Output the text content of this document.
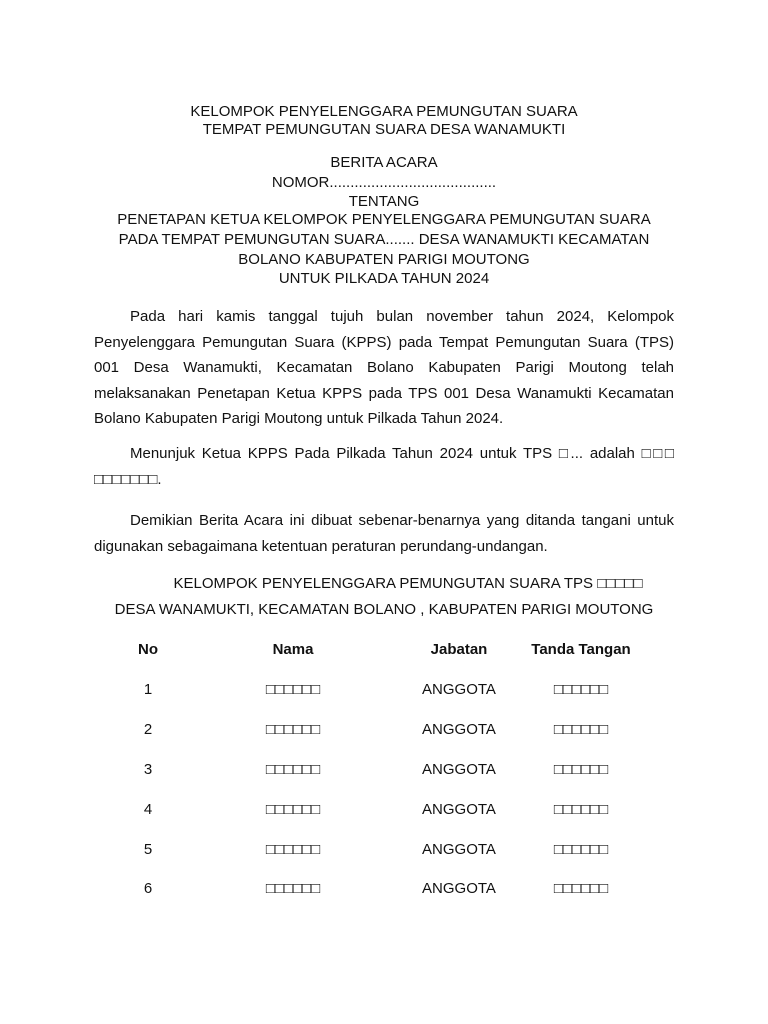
KELOMPOK PENYELENGGARA PEMUNGUTAN SUARA

TEMPAT PEMUNGUTAN SUARA DESA WANAMUKTI

BERITA ACARA

NOMOR........................................

TENTANG

PENETAPAN KETUA KELOMPOK PENYELENGGARA PEMUNGUTAN SUARA

PADA TEMPAT PEMUNGUTAN SUARA....... DESA WANAMUKTI KECAMATAN

BOLANO KABUPATEN PARIGI MOUTONG

UNTUK PILKADA TAHUN 2024

Pada hari kamis tanggal tujuh bulan november tahun 2024, Kelompok Penyelenggara Pemungutan Suara (KPPS) pada Tempat Pemungutan Suara (TPS) 001 Desa Wanamukti, Kecamatan Bolano Kabupaten Parigi Moutong telah melaksanakan Penetapan Ketua KPPS pada TPS 001 Desa Wanamukti Kecamatan Bolano Kabupaten Parigi Moutong untuk Pilkada Tahun 2024.

Menunjuk Ketua KPPS Pada Pilkada Tahun 2024 untuk TPS □... adalah □□□ □□□□□□□.

Demikian Berita Acara ini dibuat sebenar-benarnya yang ditanda tangani untuk digunakan sebagaimana ketentuan peraturan perundang-undangan.

KELOMPOK PENYELENGGARA PEMUNGUTAN SUARA TPS □□□□□

DESA WANAMUKTI, KECAMATAN BOLANO , KABUPATEN PARIGI MOUTONG

No	Nama	Jabatan	Tanda Tangan
1	□□□□□□	ANGGOTA	□□□□□□
2	□□□□□□	ANGGOTA	□□□□□□
3	□□□□□□	ANGGOTA	□□□□□□
4	□□□□□□	ANGGOTA	□□□□□□
5	□□□□□□	ANGGOTA	□□□□□□
6	□□□□□□	ANGGOTA	□□□□□□
